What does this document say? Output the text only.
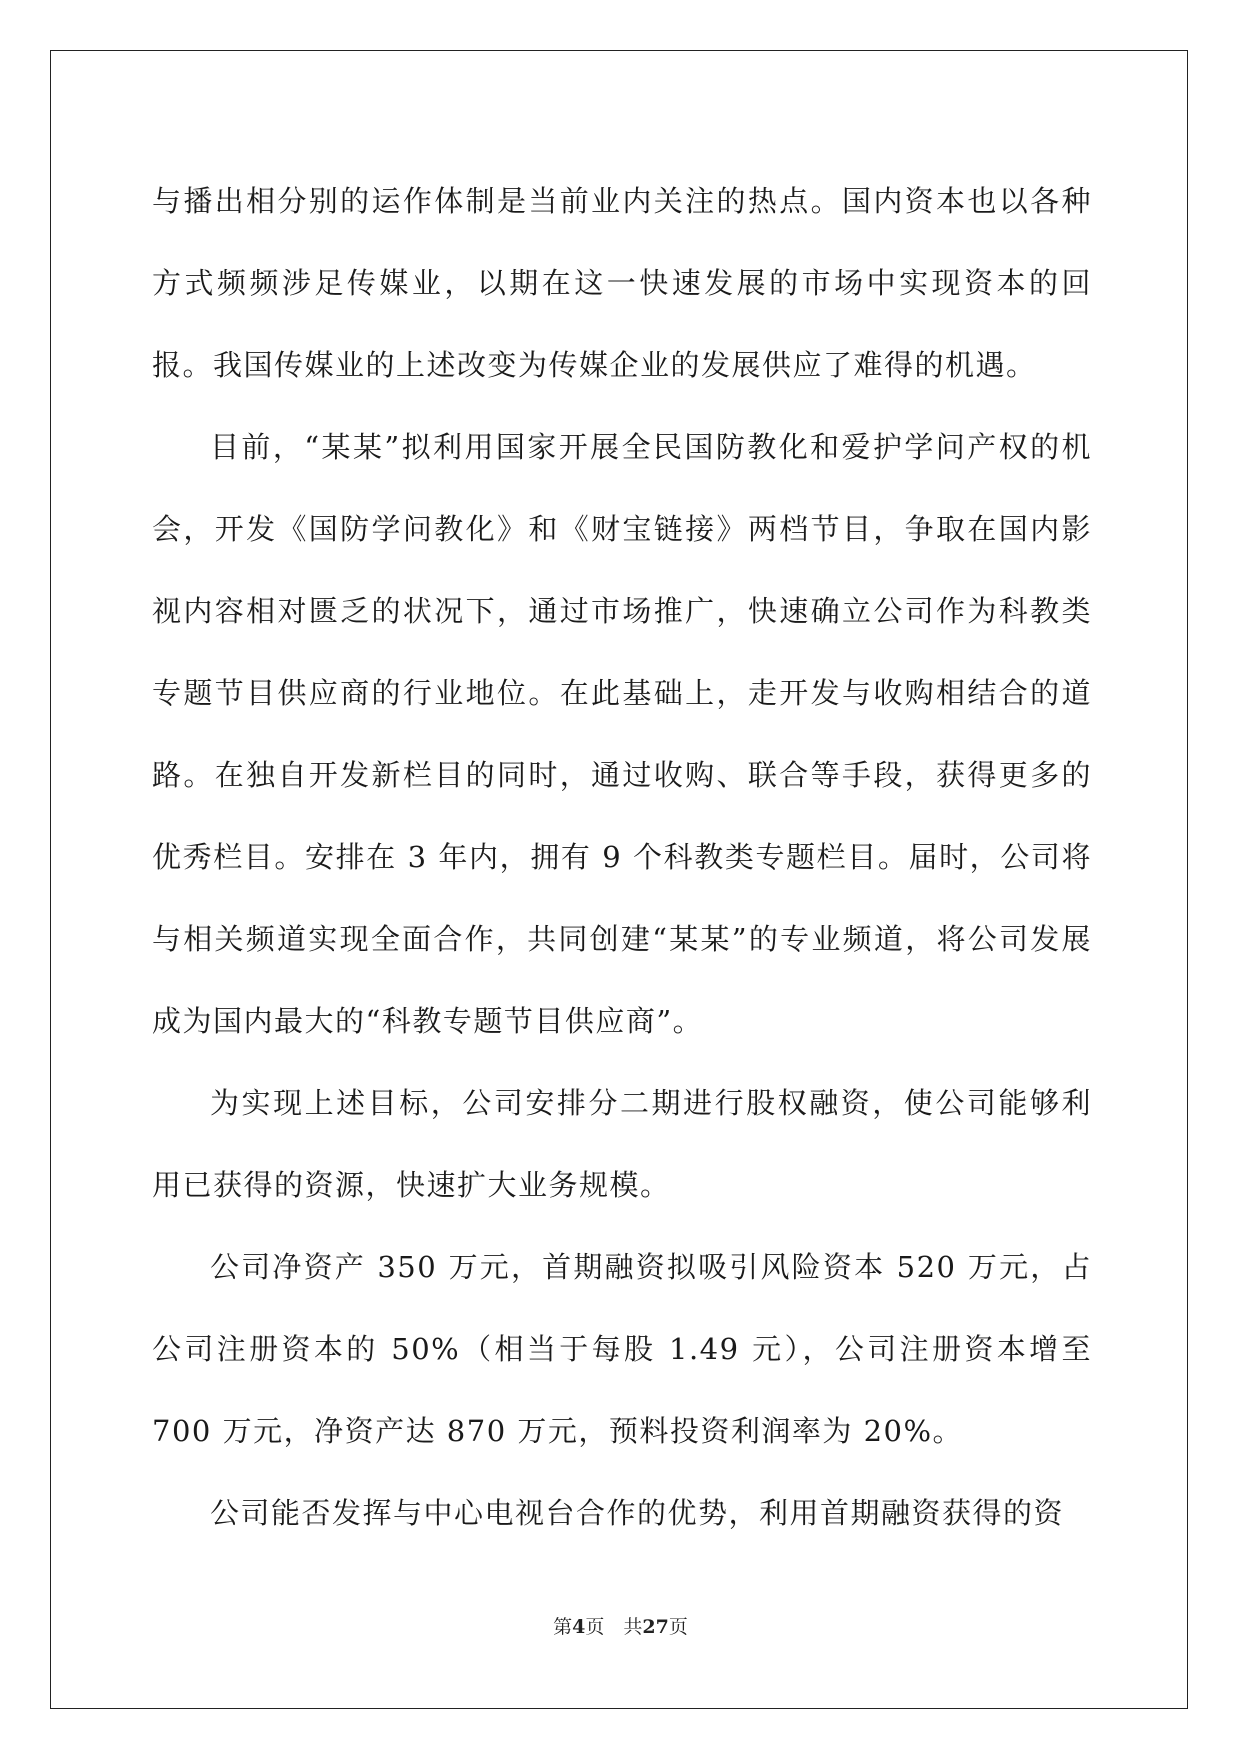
与播出相分别的运作体制是当前业内关注的热点。国内资本也以各种方式频频涉足传媒业，以期在这一快速发展的市场中实现资本的回报。我国传媒业的上述改变为传媒企业的发展供应了难得的机遇。

目前，“某某”拟利用国家开展全民国防教化和爱护学问产权的机会，开发《国防学问教化》和《财宝链接》两档节目，争取在国内影视内容相对匮乏的状况下，通过市场推广，快速确立公司作为科教类专题节目供应商的行业地位。在此基础上，走开发与收购相结合的道路。在独自开发新栏目的同时，通过收购、联合等手段，获得更多的优秀栏目。安排在 3 年内，拥有 9 个科教类专题栏目。届时，公司将与相关频道实现全面合作，共同创建“某某”的专业频道，将公司发展成为国内最大的“科教专题节目供应商”。

为实现上述目标，公司安排分二期进行股权融资，使公司能够利用已获得的资源，快速扩大业务规模。

公司净资产 350 万元，首期融资拟吸引风险资本 520 万元，占公司注册资本的 50%（相当于每股 1.49 元），公司注册资本增至 700 万元，净资产达 870 万元，预料投资利润率为 20%。

公司能否发挥与中心电视台合作的优势，利用首期融资获得的资

第4页　共27页
